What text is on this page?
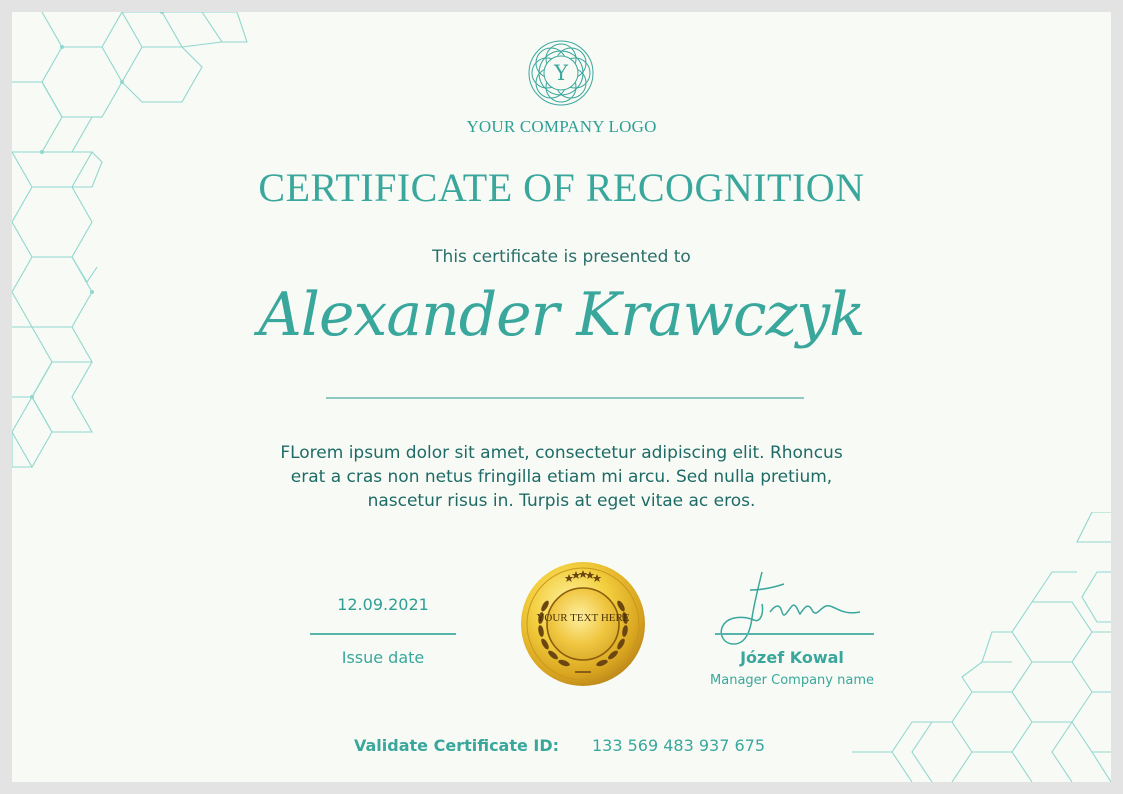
Y
YOUR COMPANY LOGO
CERTIFICATE OF RECOGNITION
This certificate is presented to
Alexander Krawczyk
FLorem ipsum dolor sit amet, consectetur adipiscing elit. Rhoncus erat a cras non netus fringilla etiam mi arcu. Sed nulla pretium, nascetur risus in. Turpis at eget vitae ac eros.
12.09.2021
Issue date
YOUR TEXT HERE
Józef Kowal
Manager Company name
Validate Certificate ID: 133 569 483 937 675
